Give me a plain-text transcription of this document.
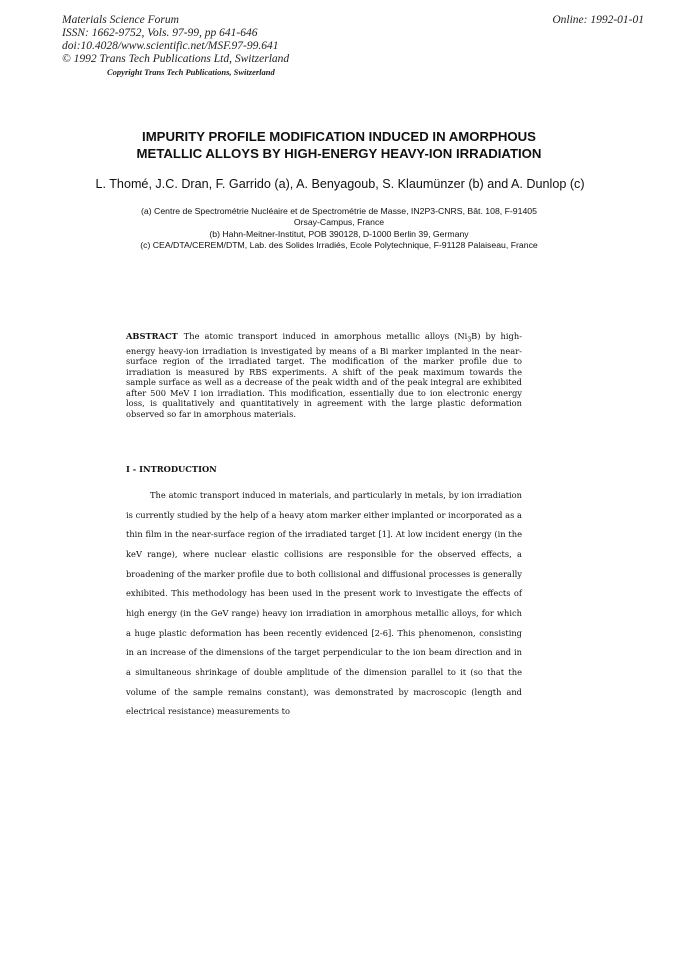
Materials Science Forum
ISSN: 1662-9752, Vols. 97-99, pp 641-646
doi:10.4028/www.scientific.net/MSF.97-99.641
© 1992 Trans Tech Publications Ltd, Switzerland
Online: 1992-01-01
Copyright Trans Tech Publications, Switzerland
IMPURITY PROFILE MODIFICATION INDUCED IN AMORPHOUS
METALLIC ALLOYS BY HIGH-ENERGY HEAVY-ION IRRADIATION
L. Thomé, J.C. Dran, F. Garrido (a), A. Benyagoub, S. Klaumünzer (b) and A. Dunlop (c)
(a) Centre de Spectrométrie Nucléaire et de Spectrométrie de Masse, IN2P3-CNRS, Bât. 108, F-91405
Orsay-Campus, France
(b) Hahn-Meitner-Institut, POB 390128, D-1000 Berlin 39, Germany
(c) CEA/DTA/CEREM/DTM, Lab. des Solides Irradiés, Ecole Polytechnique, F-91128 Palaiseau, France
ABSTRACT The atomic transport induced in amorphous metallic alloys $(Ni_3B)$ by high-energy heavy-ion irradiation is investigated by means of a Bi marker implanted in the near-surface region of the irradiated target. The modification of the marker profile due to irradiation is measured by RBS experiments. A shift of the peak maximum towards the sample surface as well as a decrease of the peak width and of the peak integral are exhibited after 500 MeV I ion irradiation. This modification, essentially due to ion electronic energy loss, is qualitatively and quantitatively in agreement with the large plastic deformation observed so far in amorphous materials.
I - INTRODUCTION
The atomic transport induced in materials, and particularly in metals, by ion irradiation is currently studied by the help of a heavy atom marker either implanted or incorporated as a thin film in the near-surface region of the irradiated target [1]. At low incident energy (in the keV range), where nuclear elastic collisions are responsible for the observed effects, a broadening of the marker profile due to both collisional and diffusional processes is generally exhibited. This methodology has been used in the present work to investigate the effects of high energy (in the GeV range) heavy ion irradiation in amorphous metallic alloys, for which a huge plastic deformation has been recently evidenced [2-6]. This phenomenon, consisting in an increase of the dimensions of the target perpendicular to the ion beam direction and in a simultaneous shrinkage of double amplitude of the dimension parallel to it (so that the volume of the sample remains constant), was demonstrated by macroscopic (length and electrical resistance) measurements to
